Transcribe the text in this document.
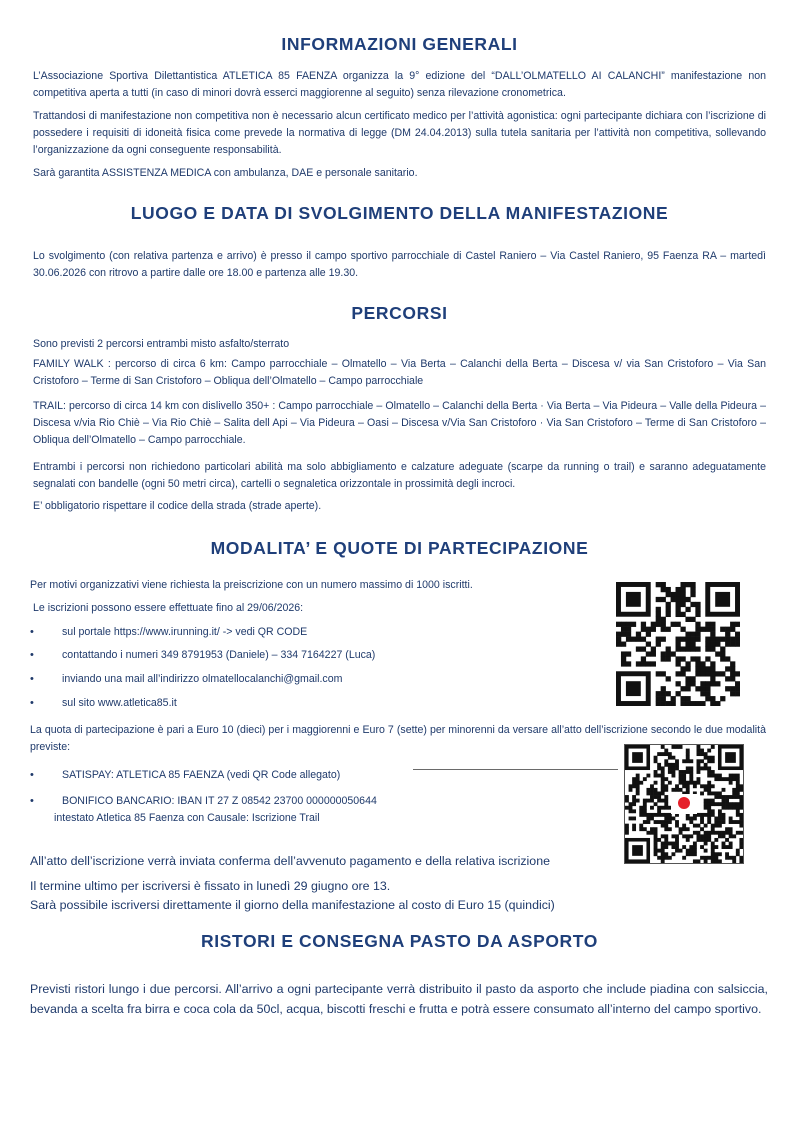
INFORMAZIONI GENERALI
L’Associazione Sportiva Dilettantistica ATLETICA 85 FAENZA organizza la 9° edizione del “DALL’OLMATELLO AI CALANCHI” manifestazione non competitiva aperta a tutti (in caso di minori dovrà esserci maggiorenne al seguito) senza rilevazione cronometrica.
Trattandosi di manifestazione non competitiva non è necessario alcun certificato medico per l’attività agonistica: ogni partecipante dichiara con l’iscrizione di possedere i requisiti di idoneità fisica come prevede la normativa di legge (DM 24.04.2013) sulla tutela sanitaria per l’attività non competitiva, sollevando l’organizzazione da ogni conseguente responsabilità.
Sarà garantita ASSISTENZA MEDICA con ambulanza, DAE e personale sanitario.
LUOGO E DATA DI SVOLGIMENTO DELLA MANIFESTAZIONE
Lo svolgimento (con relativa partenza e arrivo) è presso il campo sportivo parrocchiale di Castel Raniero – Via Castel Raniero, 95 Faenza RA – martedì 30.06.2026 con ritrovo a partire dalle ore 18.00 e partenza alle 19.30.
PERCORSI
Sono previsti 2 percorsi entrambi misto asfalto/sterrato
FAMILY WALK : percorso di circa 6 km: Campo parrocchiale – Olmatello – Via Berta – Calanchi della Berta – Discesa v/ via San Cristoforo – Via San Cristoforo – Terme di San Cristoforo – Obliqua dell’Olmatello – Campo parrocchiale
TRAIL: percorso di circa 14 km con dislivello 350+ : Campo parrocchiale – Olmatello – Calanchi della Berta · Via Berta – Via Pideura – Valle della Pideura – Discesa v/via Rio Chiè – Via Rio Chiè – Salita dell Api – Via Pideura – Oasi – Discesa v/Via San Cristoforo · Via San Cristoforo – Terme di San Cristoforo – Obliqua dell’Olmatello – Campo parrocchiale.
Entrambi i percorsi non richiedono particolari abilità ma solo abbigliamento e calzature adeguate (scarpe da running o trail) e saranno adeguatamente segnalati con bandelle (ogni 50 metri circa), cartelli o segnaletica orizzontale in prossimità degli incroci.
E’ obbligatorio rispettare il codice della strada (strade aperte).
MODALITA’ E QUOTE DI PARTECIPAZIONE
Per motivi organizzativi viene richiesta la preiscrizione con un numero massimo di 1000 iscritti.
Le iscrizioni possono essere effettuate fino al 29/06/2026:
•	sul portale https://www.irunning.it/ -> vedi QR CODE
•	contattando i numeri 349 8791953 (Daniele) – 334 7164227 (Luca)
•	inviando una mail all’indirizzo olmatellocalanchi@gmail.com
•	sul sito www.atletica85.it
La quota di partecipazione è pari a Euro 10 (dieci) per i maggiorenni e Euro 7 (sette) per minorenni da versare all’atto dell’iscrizione secondo le due modalità previste:
•	SATISPAY: ATLETICA 85 FAENZA (vedi QR Code allegato)
•	BONIFICO BANCARIO: IBAN IT 27 Z 08542 23700 000000050644
intestato Atletica 85 Faenza con Causale: Iscrizione Trail
All’atto dell’iscrizione verrà inviata conferma dell’avvenuto pagamento e della relativa iscrizione
Il termine ultimo per iscriversi è fissato in lunedì 29 giugno ore 13.
Sarà possibile iscriversi direttamente il giorno della manifestazione al costo di Euro 15 (quindici)
RISTORI E CONSEGNA PASTO DA ASPORTO
Previsti ristori lungo i due percorsi. All’arrivo a ogni partecipante verrà distribuito il pasto da asporto che include piadina con salsiccia, bevanda a scelta fra birra e coca cola da 50cl, acqua, biscotti freschi e frutta e potrà essere consumato all’interno del campo sportivo.
